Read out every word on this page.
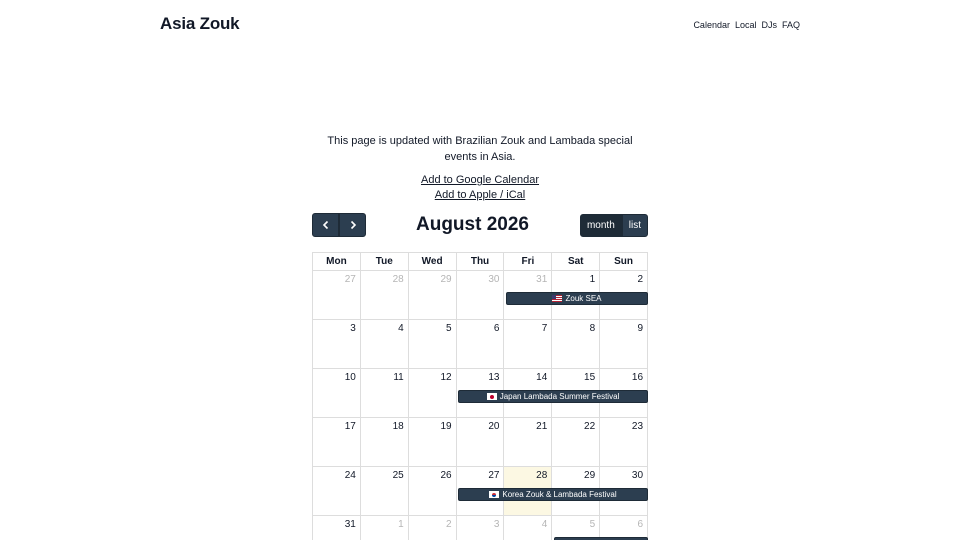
Asia Zouk	Calendar Local DJs FAQ

This page is updated with Brazilian Zouk and Lambada special events in Asia.

Add to Google Calendar
Add to Apple / iCal
August 2026	month	list
Mon	Tue	Wed	Thu	Fri	Sat	Sun
27	28	29	30	31	1	2
Zouk SEA
3	4	5	6	7	8	9
10	11	12	13	14	15	16
Japan Lambada Summer Festival
17	18	19	20	21	22	23
24	25	26	27	28	29	30
Korea Zouk & Lambada Festival
31	1	2	3	4	5	6
